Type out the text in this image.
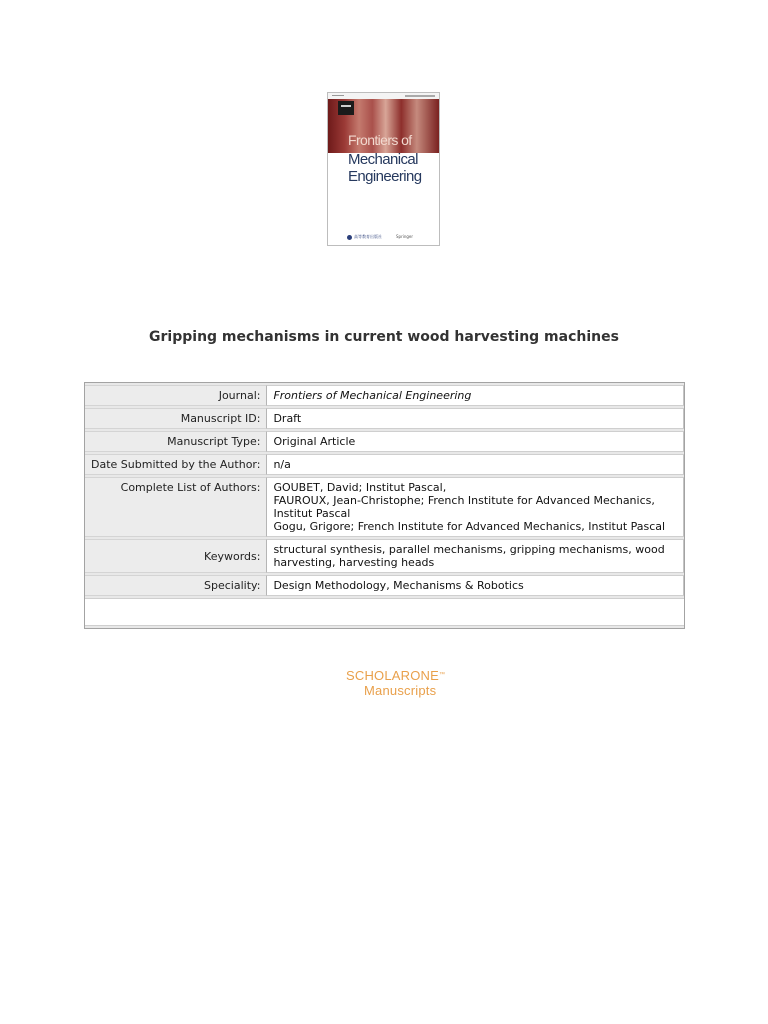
Frontiers of
Mechanical Engineering
高等教育出版社	Springer
Gripping mechanisms in current wood harvesting machines
Journal:	Frontiers of Mechanical Engineering
Manuscript ID:	Draft
Manuscript Type:	Original Article
Date Submitted by the Author:	n/a
Complete List of Authors:	GOUBET, David; Institut Pascal,
FAUROUX, Jean-Christophe; French Institute for Advanced Mechanics,
Institut Pascal
Gogu, Grigore; French Institute for Advanced Mechanics, Institut Pascal

Keywords:	structural synthesis, parallel mechanisms, gripping mechanisms, wood
harvesting, harvesting heads

Speciality:	Design Methodology, Mechanisms & Robotics

SCHOLARONE™
Manuscripts
